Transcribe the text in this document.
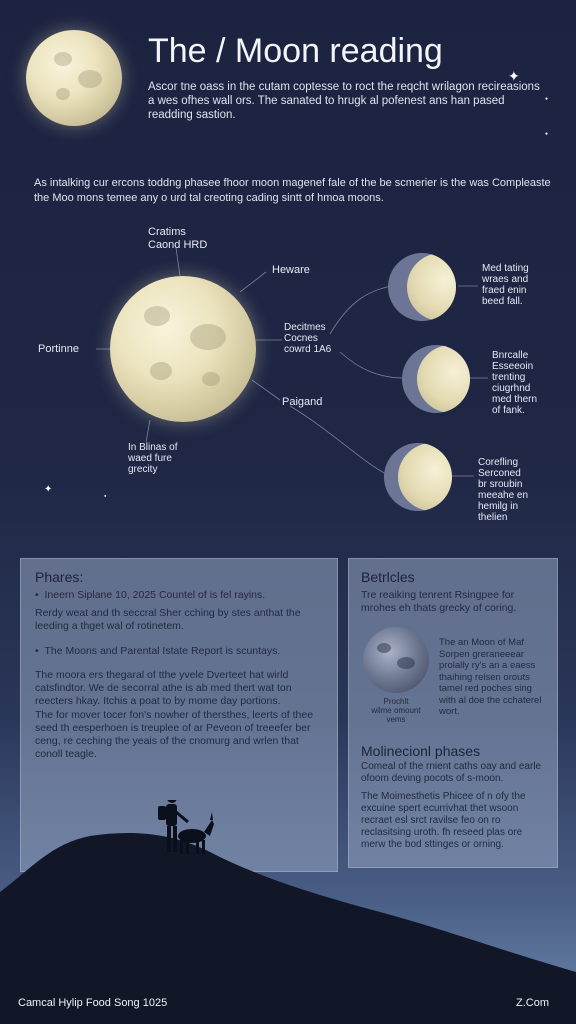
✦
●
●
✦
●
The / Moon reading
Ascor tne oass in the cutam coptesse to roct the reqcht wrilagon recireasions a wes ofhes wall ors. The sanated to hrugk al pofenest ans han pased readding sastion.
As intalking cur ercons toddng phasee fhoor moon magenef fale of the be scmerier is the was Compleaste the Moo mons temee any o urd tal creoting cading sintt of hmoa moons.
Cratims
Caond HRD
Portinne
Heware
Decitmes
Cocnes
cowrd 1A6
Paigand
In Blinas of
waed fure
grecity
Med tating
wraes and
fraed enin
beed fall.
Bnrcalle
Esseeoin
trenting
ciugrhnd
med thern
of fank.
Corefling
Serconed
br sroubin
meeahe en
hemilg in
thelien
Phares:
•  Ineern Siplane 10, 2025 Countel of is fel rayins.
Rerdy weat and th seccral Sher cching by stes anthat the leeding a thget wal of rotinetem.
•  The Moons and Parental Istate Report is scuntays.
The moora ers thegaral of tthe yvele Dverteet hat wirld catsfindtor. We de secorral athe is ab med thert wat ton reecters hkay. Itchis a poat to by mome day portions.
The for mover tocer fon's nowher of thersthes, leerts of thee seed th eesperhoen is treuplee of ar Peveon of treeefer ber ceng, re ceching the yeais of the cnomurg and wrlen that conoll teagle.
Betrlcles
Tre reaiking tenrent Rsingpee for mrohes eh thats grecky of coring.
Prochlt
wilme omount
vems
The an Moon of Maf Sorpen greraneeear prolally ry's an a eaess thaihing relsen orouts tamel red poches sing with al doe the cchaterel wort.
Molinecionl phases
Comeal of the rnient caths oay and earle ofoom deving pocots of s-moon.
The Moimesthetis Phicee of n ofy the excuine spert ecurrivhat thet wsoon recraet esl srct ravilse feo on ro reclasitsing uroth. fh reseed plas ore merw the bod sttinges or orning.
Camcal Hylip Food Song 1025	Z.Com
